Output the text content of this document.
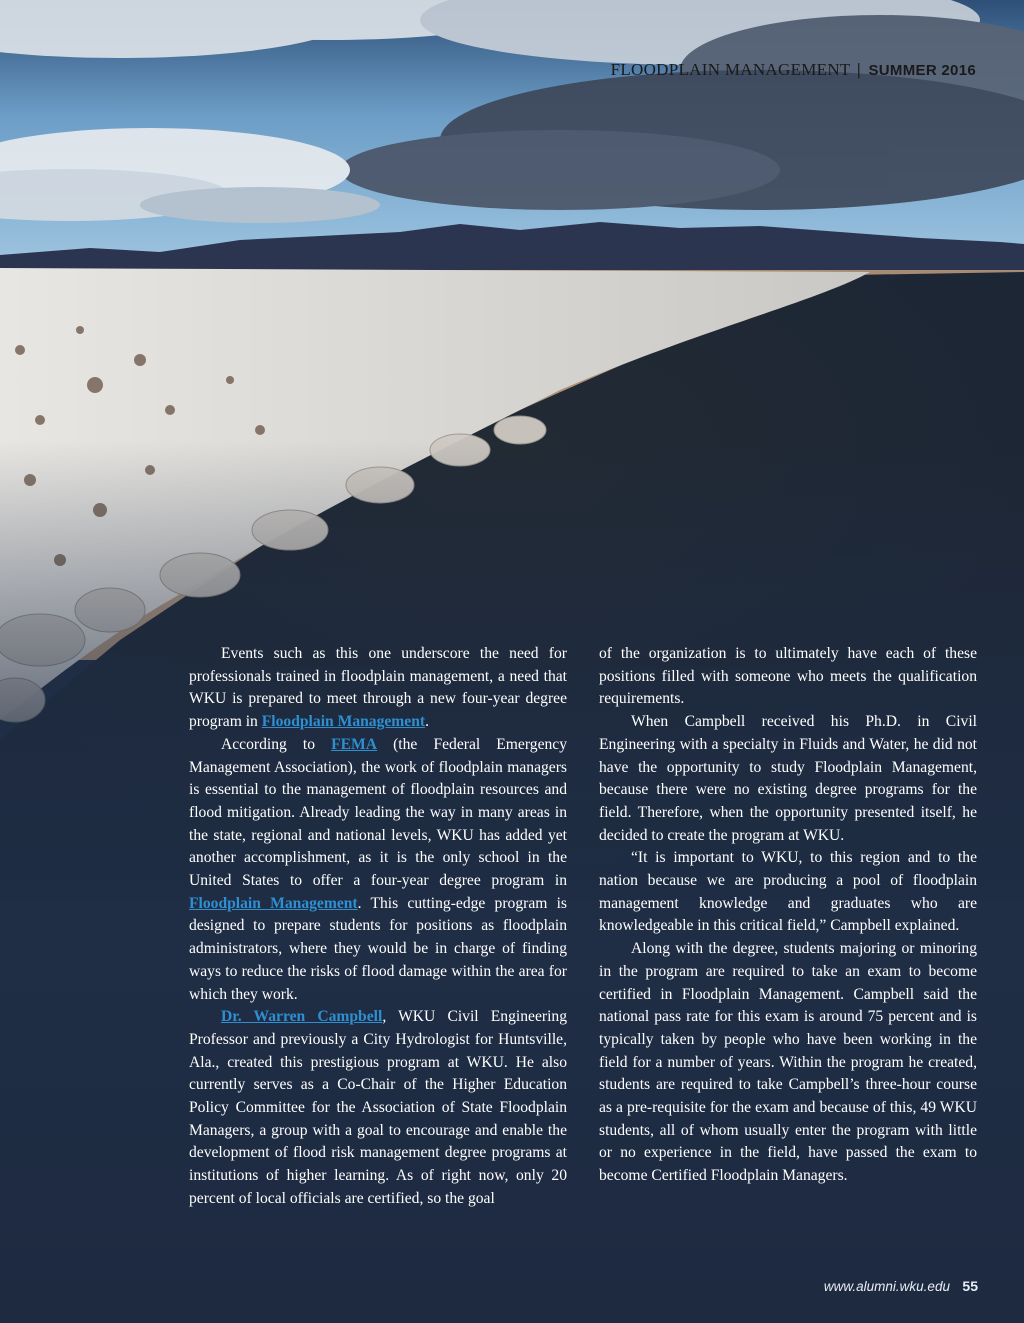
FLOODPLAIN MANAGEMENT | SUMMER 2016

Events such as this one underscore the need for professionals trained in floodplain management, a need that WKU is prepared to meet through a new four-year degree program in Floodplain Management.

According to FEMA (the Federal Emergency Management Association), the work of floodplain managers is essential to the management of floodplain resources and flood mitigation. Already leading the way in many areas in the state, regional and national levels, WKU has added yet another accomplishment, as it is the only school in the United States to offer a four-year degree program in Floodplain Management. This cutting-edge program is designed to prepare students for positions as floodplain administrators, where they would be in charge of finding ways to reduce the risks of flood damage within the area for which they work.

Dr. Warren Campbell, WKU Civil Engineering Professor and previously a City Hydrologist for Huntsville, Ala., created this prestigious program at WKU. He also currently serves as a Co-Chair of the Higher Education Policy Committee for the Association of State Floodplain Managers, a group with a goal to encourage and enable the development of flood risk management degree programs at institutions of higher learning. As of right now, only 20 percent of local officials are certified, so the goal

of the organization is to ultimately have each of these positions filled with someone who meets the qualification requirements.

When Campbell received his Ph.D. in Civil Engineering with a specialty in Fluids and Water, he did not have the opportunity to study Floodplain Management, because there were no existing degree programs for the field. Therefore, when the opportunity presented itself, he decided to create the program at WKU.

“It is important to WKU, to this region and to the nation because we are producing a pool of floodplain management knowledge and graduates who are knowledgeable in this critical field,” Campbell explained.

Along with the degree, students majoring or minoring in the program are required to take an exam to become certified in Floodplain Management. Campbell said the national pass rate for this exam is around 75 percent and is typically taken by people who have been working in the field for a number of years. Within the program he created, students are required to take Campbell’s three-hour course as a pre-requisite for the exam and because of this, 49 WKU students, all of whom usually enter the program with little or no experience in the field, have passed the exam to become Certified Floodplain Managers.

www.alumni.wku.edu 55
